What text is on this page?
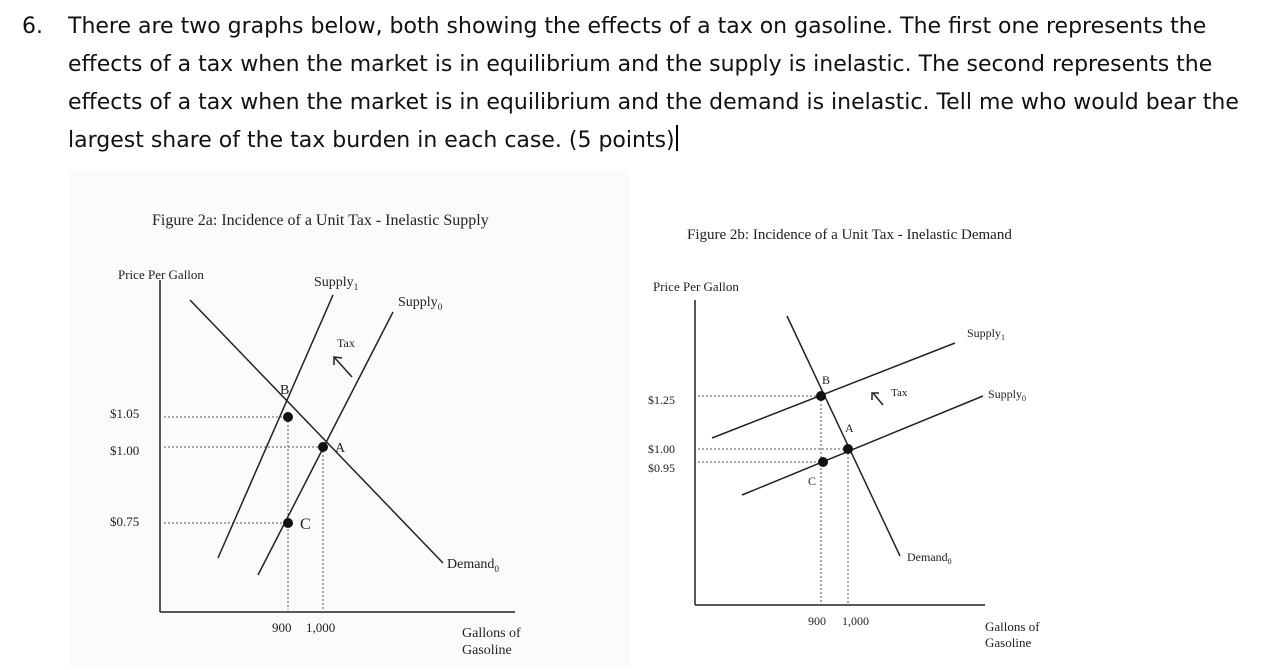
6. There are two graphs below, both showing the effects of a tax on gasoline. The first one represents the effects of a tax when the market is in equilibrium and the supply is inelastic. The second represents the effects of a tax when the market is in equilibrium and the demand is inelastic. Tell me who would bear the largest share of the tax burden in each case. (5 points)
Figure 2a: Incidence of a Unit Tax - Inelastic Supply
Price Per Gallon
$1.05
$1.00
$0.75
Supply$_1$
Supply$_0$
Demand$_0$
Tax
B
A
C
900 1,000	Gallons of
Gasoline
Figure 2b: Incidence of a Unit Tax - Inelastic Demand
Price Per Gallon
$1.25
$1.00
$0.95
Supply$_1$
Supply$_0$
Demand$_0$
Tax
B
A
C
900 1,000	Gallons of
Gasoline
